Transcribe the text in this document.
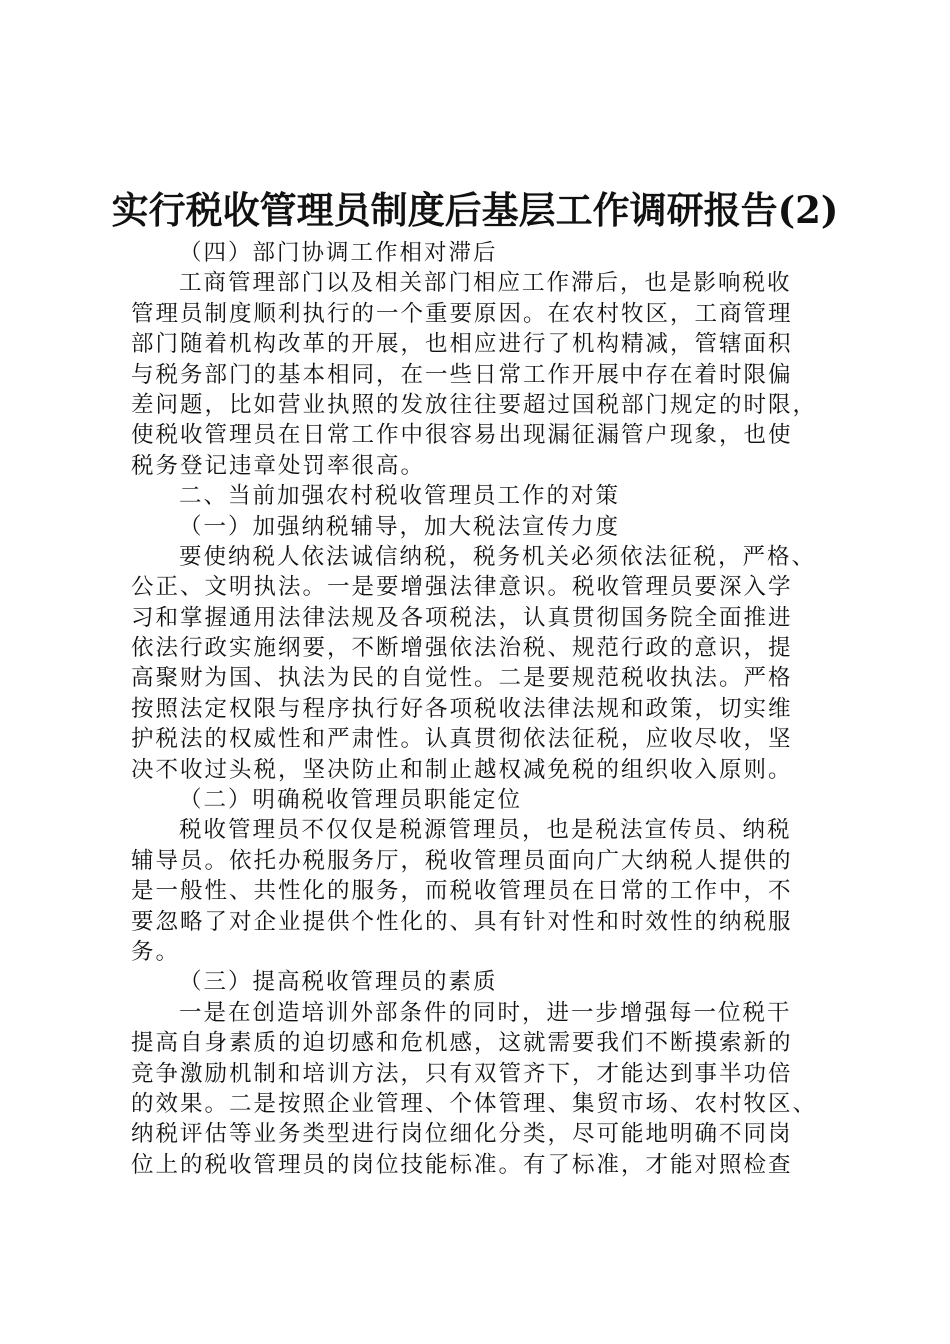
实行税收管理员制度后基层工作调研报告(2)
（四）部门协调工作相对滞后
工商管理部门以及相关部门相应工作滞后，也是影响税收
管理员制度顺利执行的一个重要原因。在农村牧区，工商管理
部门随着机构改革的开展，也相应进行了机构精减，管辖面积
与税务部门的基本相同，在一些日常工作开展中存在着时限偏
差问题，比如营业执照的发放往往要超过国税部门规定的时限，
使税收管理员在日常工作中很容易出现漏征漏管户现象，也使
税务登记违章处罚率很高。
二、当前加强农村税收管理员工作的对策
（一）加强纳税辅导，加大税法宣传力度
要使纳税人依法诚信纳税，税务机关必须依法征税，严格、
公正、文明执法。一是要增强法律意识。税收管理员要深入学
习和掌握通用法律法规及各项税法，认真贯彻国务院全面推进
依法行政实施纲要，不断增强依法治税、规范行政的意识，提
高聚财为国、执法为民的自觉性。二是要规范税收执法。严格
按照法定权限与程序执行好各项税收法律法规和政策，切实维
护税法的权威性和严肃性。认真贯彻依法征税，应收尽收，坚
决不收过头税，坚决防止和制止越权减免税的组织收入原则。
（二）明确税收管理员职能定位
税收管理员不仅仅是税源管理员，也是税法宣传员、纳税
辅导员。依托办税服务厅，税收管理员面向广大纳税人提供的
是一般性、共性化的服务，而税收管理员在日常的工作中，不
要忽略了对企业提供个性化的、具有针对性和时效性的纳税服
务。
（三）提高税收管理员的素质
一是在创造培训外部条件的同时，进一步增强每一位税干
提高自身素质的迫切感和危机感，这就需要我们不断摸索新的
竞争激励机制和培训方法，只有双管齐下，才能达到事半功倍
的效果。二是按照企业管理、个体管理、集贸市场、农村牧区、
纳税评估等业务类型进行岗位细化分类，尽可能地明确不同岗
位上的税收管理员的岗位技能标准。有了标准，才能对照检查
